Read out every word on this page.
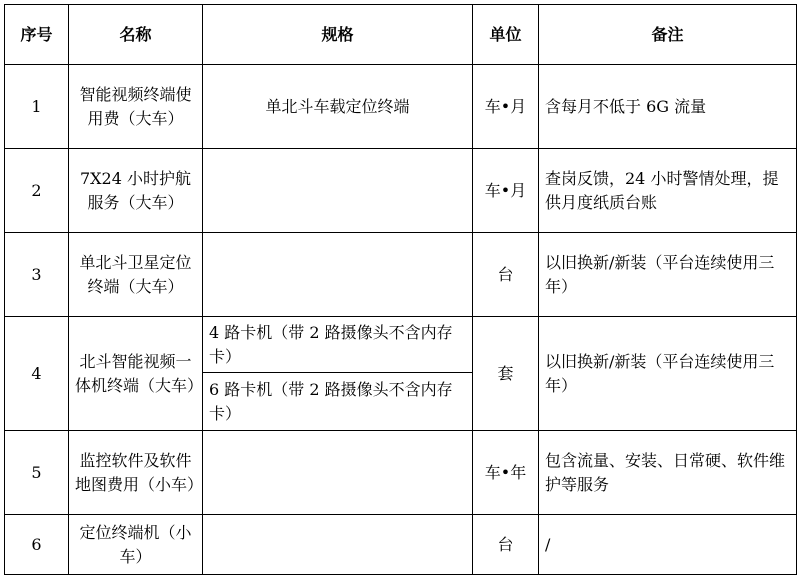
序号	名称	规格	单位	备注
1	智能视频终端使用费（大车）	单北斗车载定位终端	车•月	含每月不低于 6G 流量
2	7X24 小时护航服务（大车）		车•月	查岗反馈，24 小时警情处理，提供月度纸质台账
3	单北斗卫星定位终端（大车）		台	以旧换新/新装（平台连续使用三年）
4	北斗智能视频一体机终端（大车）	4 路卡机（带 2 路摄像头不含内存卡）	套	以旧换新/新装（平台连续使用三年）
		6 路卡机（带 2 路摄像头不含内存卡）		
5	监控软件及软件地图费用（小车）		车•年	包含流量、安装、日常硬、软件维护等服务
6	定位终端机（小车）		台	/
